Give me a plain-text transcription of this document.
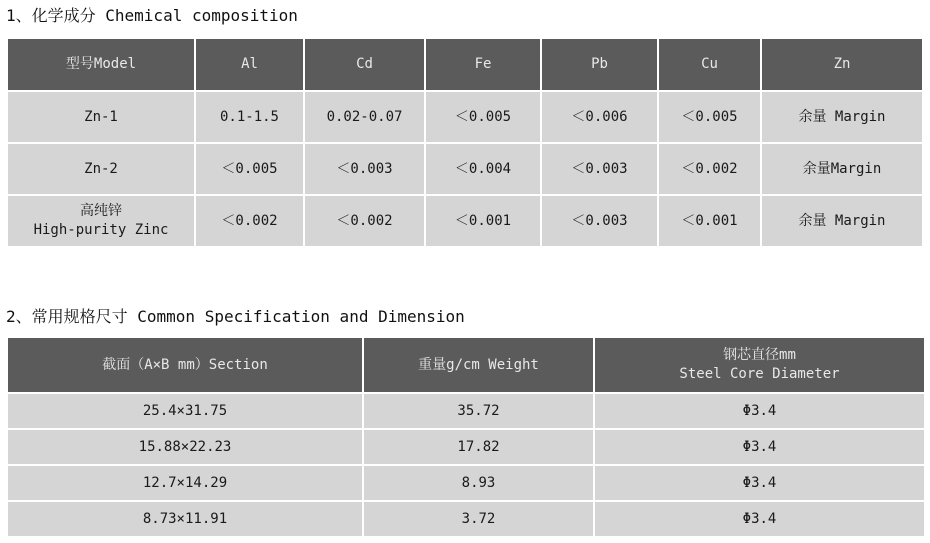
1、化学成分 Chemical composition
型号Model	Al	Cd	Fe	Pb	Cu	Zn
Zn-1	0.1-1.5	0.02-0.07	＜0.005	＜0.006	＜0.005	余量 Margin
Zn-2	＜0.005	＜0.003	＜0.004	＜0.003	＜0.002	余量Margin

高纯锌
High-purity Zinc	＜0.002	＜0.002	＜0.001	＜0.003	＜0.001	余量 Margin
2、常用规格尺寸 Common Specification and Dimension
截面（A×B mm）Section	重量g/cm Weight	钢芯直径mm
Steel Core Diameter

25.4×31.75	35.72	Φ3.4
15.88×22.23	17.82	Φ3.4
12.7×14.29	8.93	Φ3.4
8.73×11.91	3.72	Φ3.4
